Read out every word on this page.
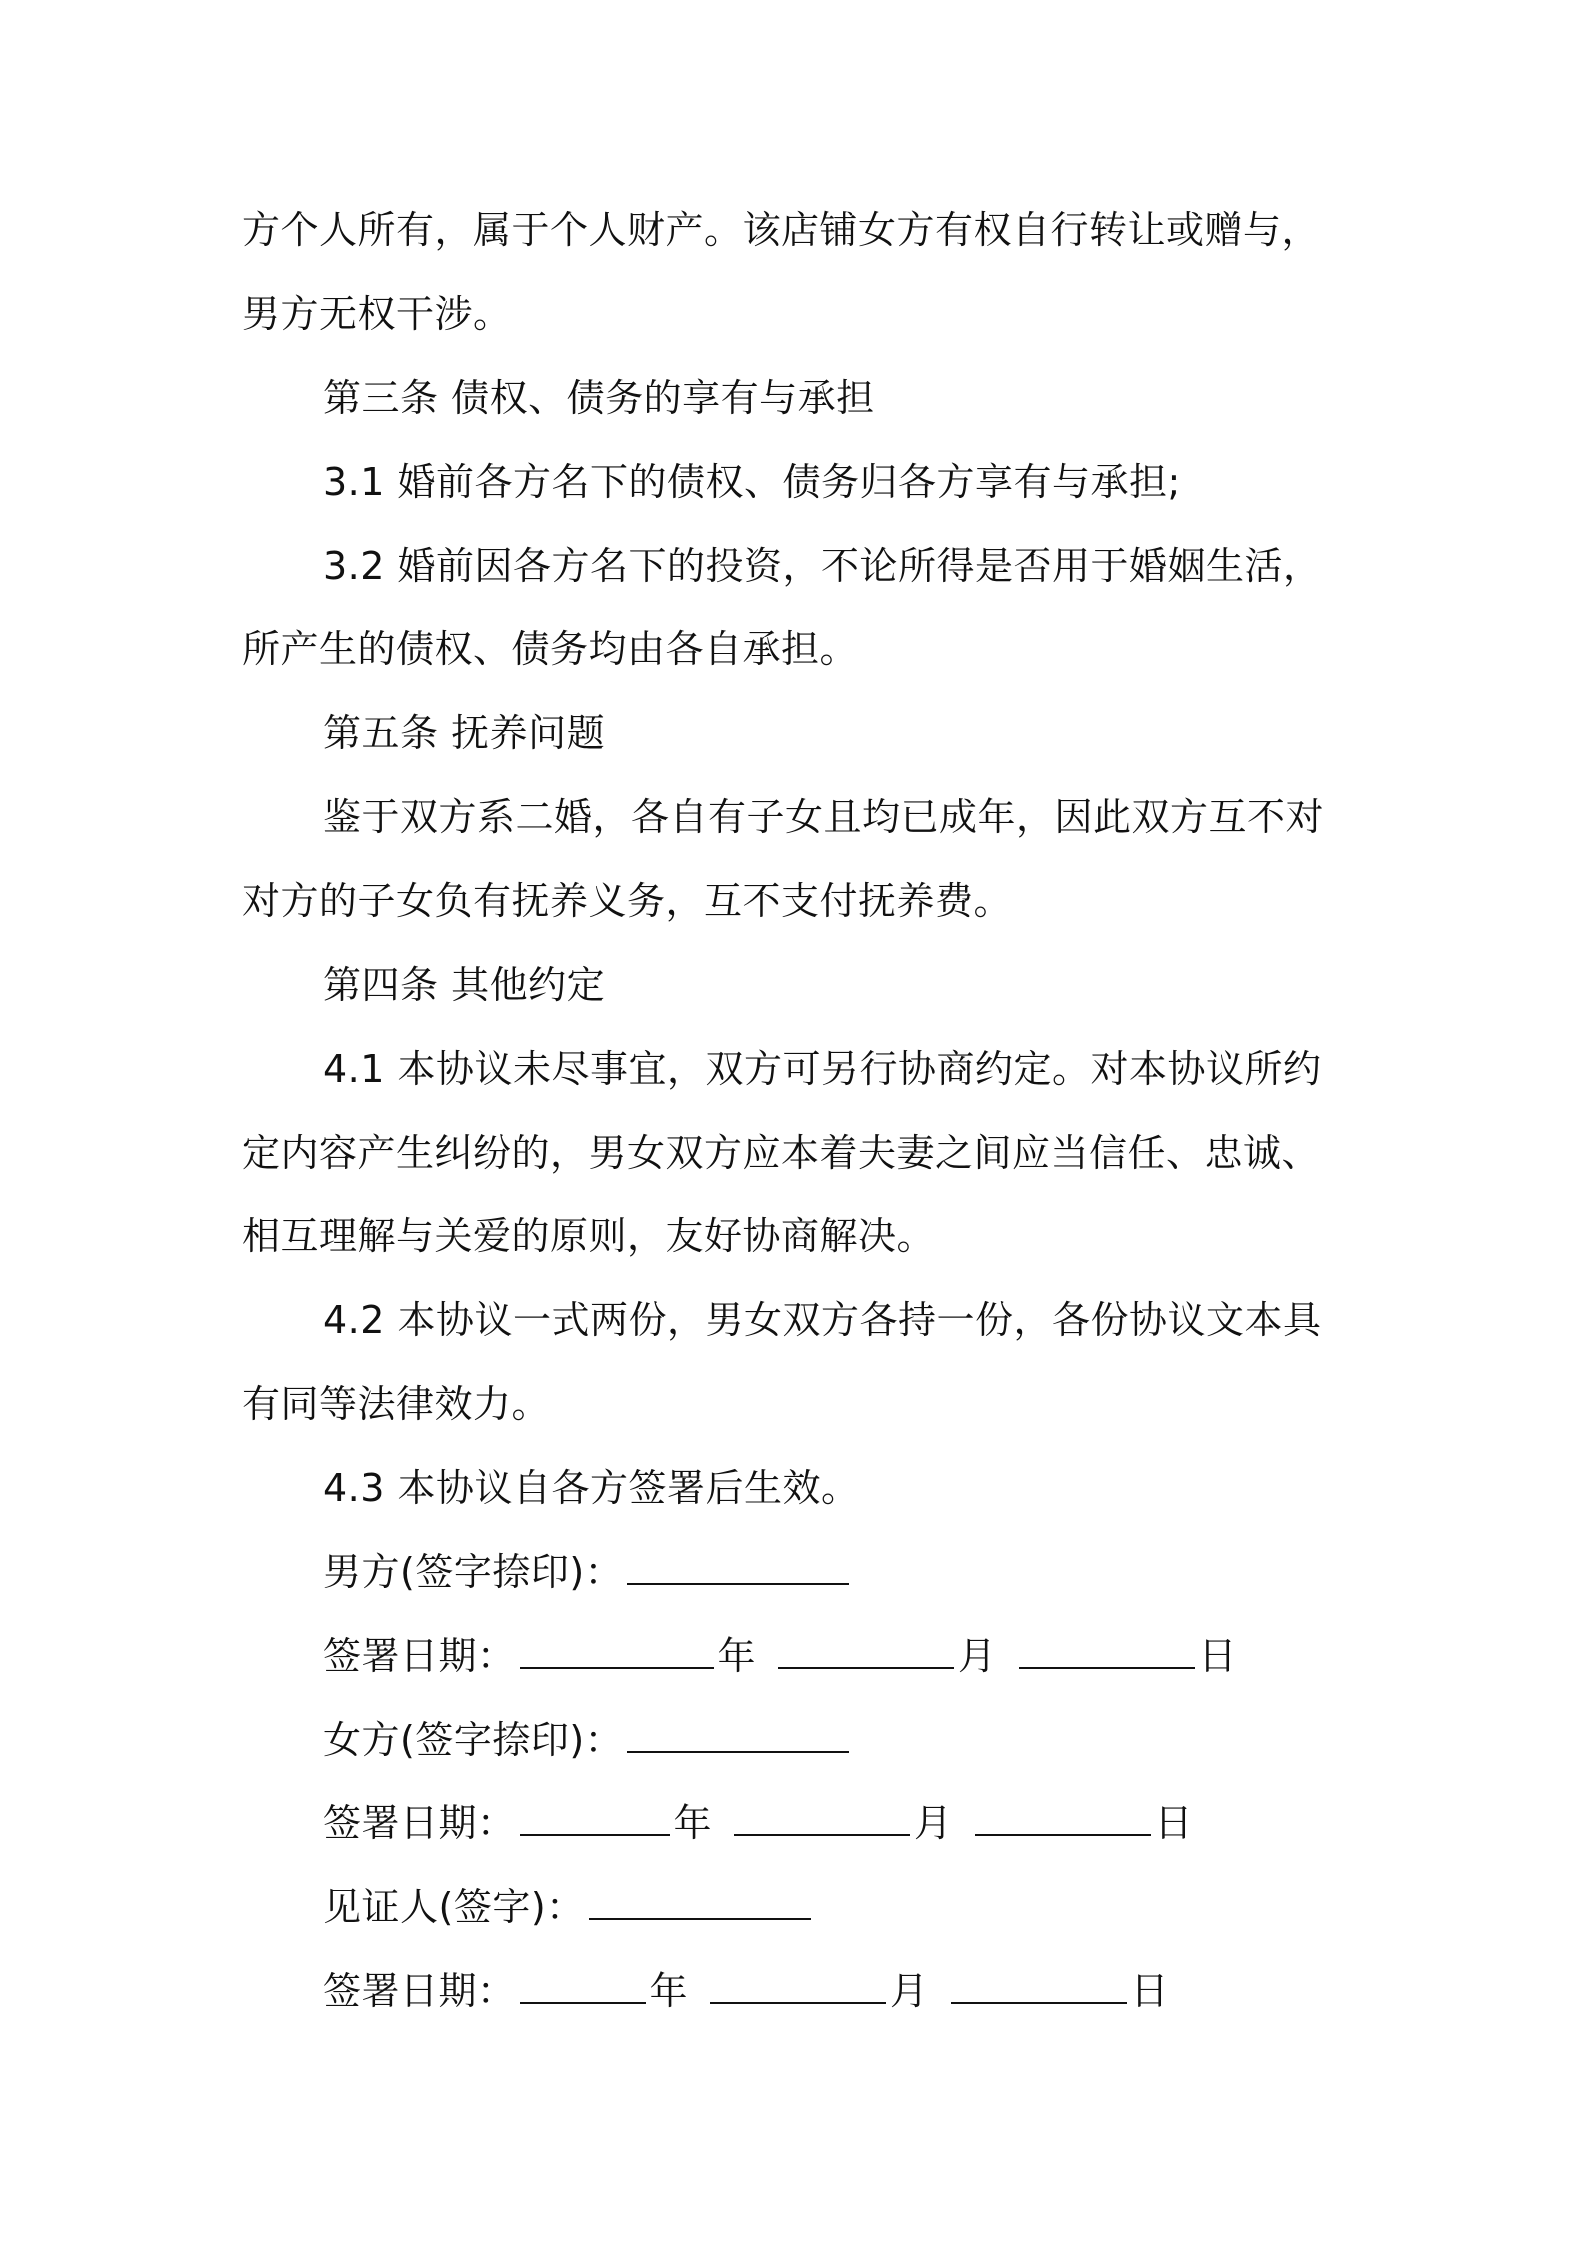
方个人所有，属于个人财产。该店铺女方有权自行转让或赠与，
男方无权干涉。
第三条 债权、债务的享有与承担
3.1 婚前各方名下的债权、债务归各方享有与承担;
3.2 婚前因各方名下的投资，不论所得是否用于婚姻生活，
所产生的债权、债务均由各自承担。
第五条 抚养问题
鉴于双方系二婚，各自有子女且均已成年，因此双方互不对
对方的子女负有抚养义务，互不支付抚养费。
第四条 其他约定
4.1 本协议未尽事宜，双方可另行协商约定。对本协议所约
定内容产生纠纷的，男女双方应本着夫妻之间应当信任、忠诚、
相互理解与关爱的原则，友好协商解决。
4.2 本协议一式两份，男女双方各持一份，各份协议文本具
有同等法律效力。
4.3 本协议自各方签署后生效。
男方(签字捺印)：
签署日期：	年	月	日
女方(签字捺印)：
签署日期：	年	月	日
见证人(签字)：
签署日期：	年	月	日
